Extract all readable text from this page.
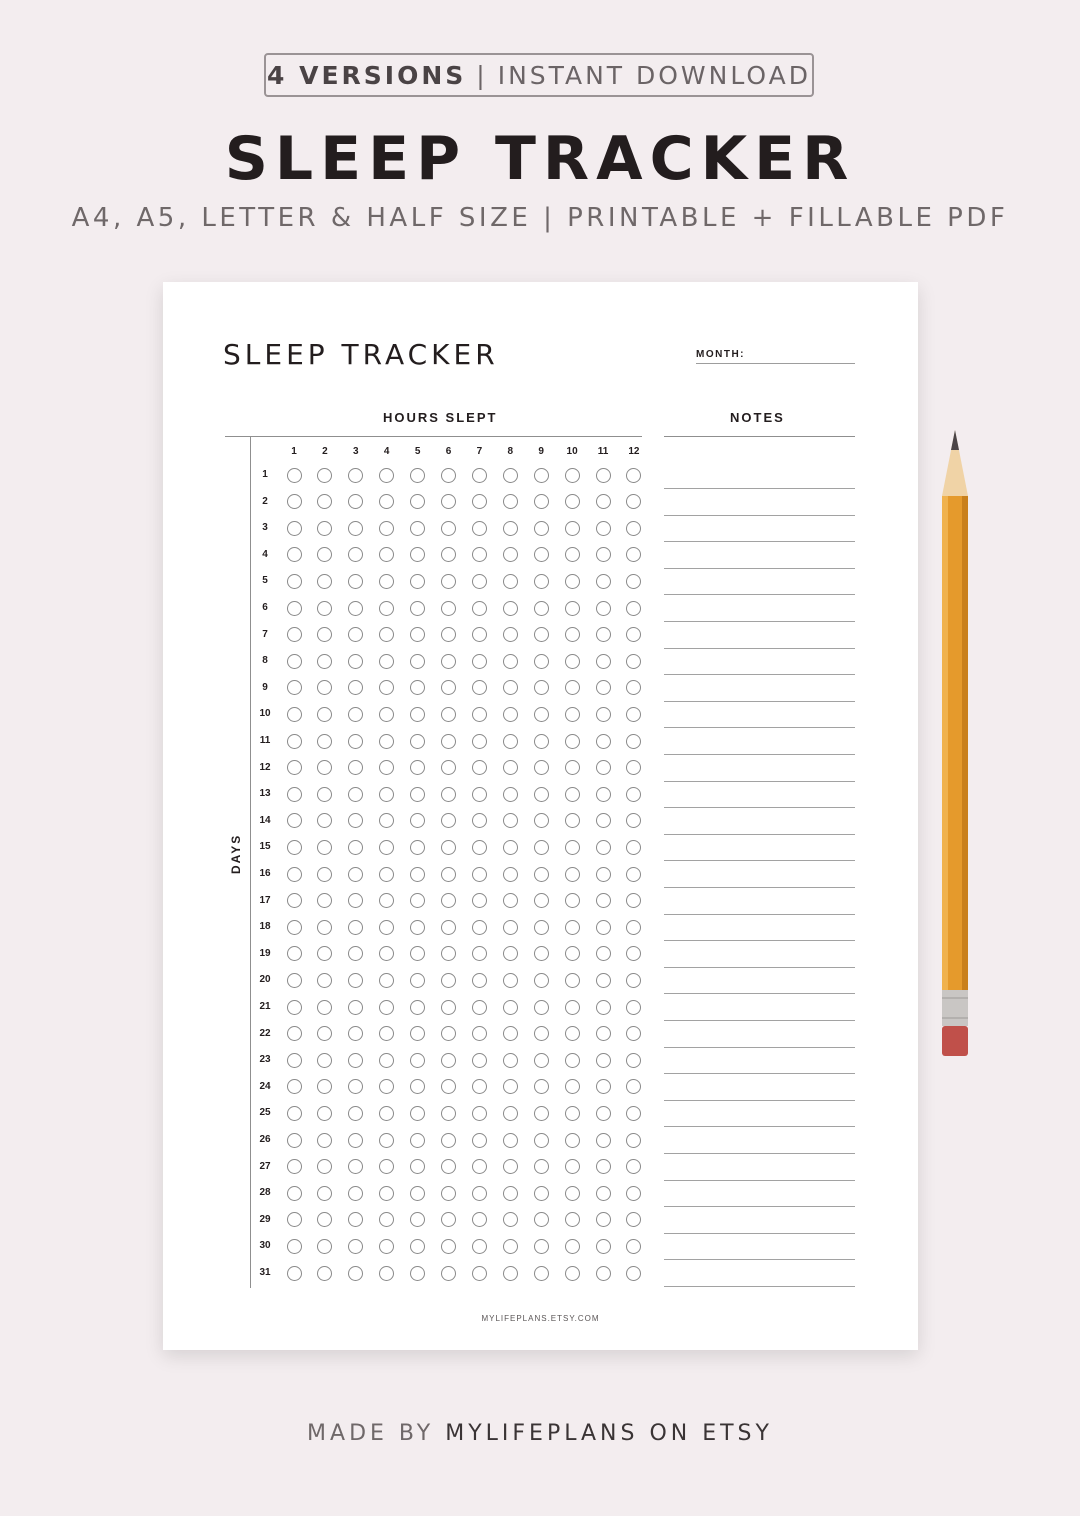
4 VERSIONS | INSTANT DOWNLOAD
SLEEP TRACKER
A4, A5, LETTER & HALF SIZE | PRINTABLE + FILLABLE PDF
SLEEP TRACKER	MONTH:
HOURS SLEPT	NOTES
DAYS
MYLIFEPLANS.ETSY.COM
1	2	3	4	5	6	7	8	9	10	11	12
1
2
3
4
5
6
7
8
9
10
11
12
13
14
15
16
17
18
19
20
21
22
23
24
25
26
27
28
29
30
31
MADE BY MYLIFEPLANS ON ETSY
